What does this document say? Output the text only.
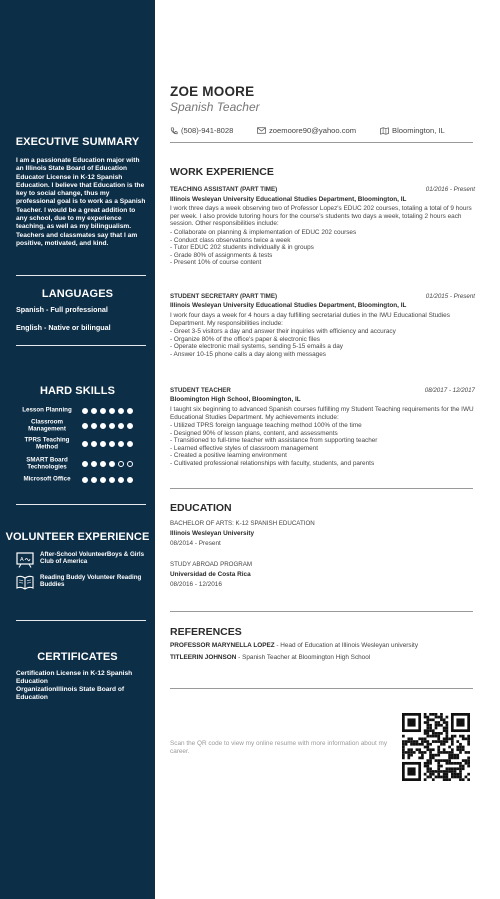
EXECUTIVE SUMMARY
I am a passionate Education major with an Illinois State Board of Education Educator License in K-12 Spanish Education. I believe that Education is the key to social change, thus my professional goal is to work as a Spanish Teacher. I would be a great addition to any school, due to my experience teaching, as well as my bilingualism. Teachers and classmates say that I am positive, motivated, and kind.
LANGUAGES
Spanish - Full professional
English - Native or bilingual
HARD SKILLS
Lesson Planning
Classroom Management
TPRS Teaching Method
SMART Board Technologies
Microsoft Office
VOLUNTEER EXPERIENCE
A
After-School VolunteerBoys & Girls Club of America
Reading Buddy Volunteer Reading Buddies
CERTIFICATES
Certification License in K-12 Spanish Education
OrganizationIllinois State Board of Education
ZOE MOORE
Spanish Teacher
(508)-941-8028	zoemoore90@yahoo.com	Bloomington, IL
WORK EXPERIENCE
TEACHING ASSISTANT (PART TIME)	01/2016 - Present
Illinois Wesleyan University Educational Studies Department, Bloomington, IL
I work three days a week observing two of Professor Lopez's EDUC 202 courses, totaling a total of 9 hours per week. I also provide tutoring hours for the course's students two days a week, totaling 2 hours each session. Other responsibilities include:
- Collaborate on planning & implementation of EDUC 202 courses
- Conduct class observations twice a week
- Tutor EDUC 202 students individually & in groups
- Grade 80% of assignments & tests
- Present 10% of course content
STUDENT SECRETARY (PART TIME)	01/2015 - Present
Illinois Wesleyan University Educational Studies Department, Bloomington, IL
I work four days a week for 4 hours a day fulfilling secretarial duties in the IWU Educational Studies Department. My responsibilities include:
- Greet 3-5 visitors a day and answer their inquiries with efficiency and accuracy
- Organize 80% of the office's paper & electronic files
- Operate electronic mail systems, sending 5-15 emails a day
- Answer 10-15 phone calls a day along with messages
STUDENT TEACHER	08/2017 - 12/2017
Bloomington High School, Bloomington, IL
I taught six beginning to advanced Spanish courses fulfilling my Student Teaching requirements for the IWU Educational Studies Department. My achievements include:
- Utilized TPRS foreign language teaching method 100% of the time
- Designed 90% of lesson plans, content, and assessments
- Transitioned to full-time teacher with assistance from supporting teacher
- Learned effective styles of classroom management
- Created a positive learning environment
- Cultivated professional relationships with faculty, students, and parents
EDUCATION
BACHELOR OF ARTS: K-12 SPANISH EDUCATION
Illinois Wesleyan University
08/2014 - Present
STUDY ABROAD PROGRAM
Universidad de Costa Rica
08/2016 - 12/2016
REFERENCES
PROFESSOR MARYNELLA LOPEZ - Head of Education at Illinois Wesleyan university
TITLEERIN JOHNSON - Spanish Teacher at Bloomington High School
Scan the QR code to view my online resume with more information about my career.
